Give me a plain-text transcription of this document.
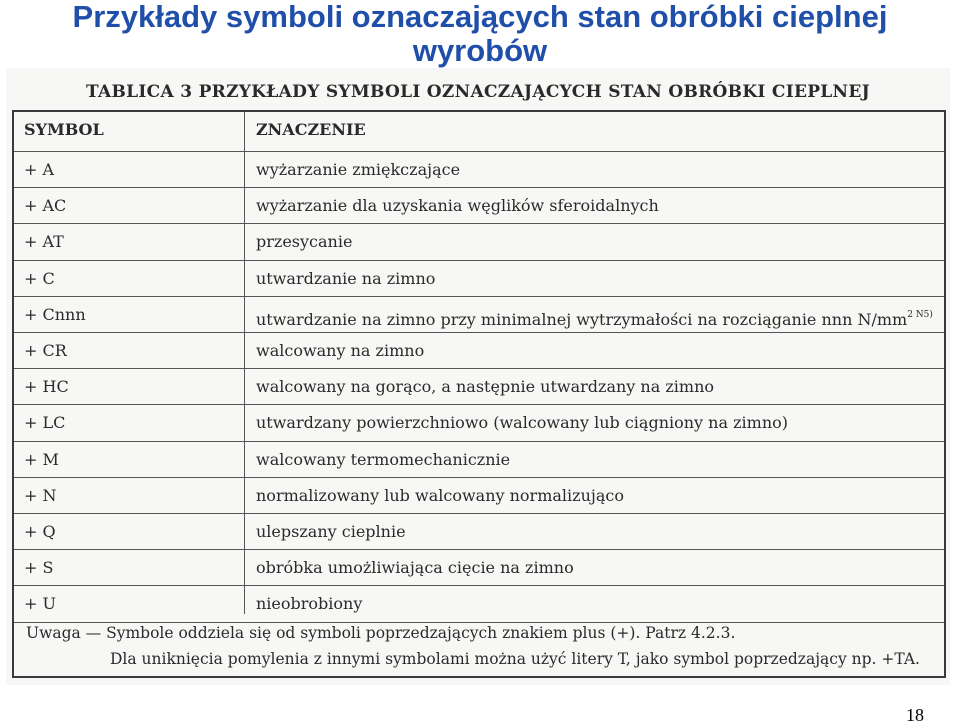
Przykłady symboli oznaczających stan obróbki cieplnej
wyrobów
TABLICA 3 PRZYKŁADY SYMBOLI OZNACZAJĄCYCH STAN OBRÓBKI CIEPLNEJ
SYMBOL	ZNACZENIE
+ A	wyżarzanie zmiękczające
+ AC	wyżarzanie dla uzyskania węglików sferoidalnych
+ AT	przesycanie
+ C	utwardzanie na zimno
+ Cnnn	utwardzanie na zimno przy minimalnej wytrzymałości na rozciąganie nnn $N/mm^{2 N5)}$
+ CR	walcowany na zimno
+ HC	walcowany na gorąco, a następnie utwardzany na zimno
+ LC	utwardzany powierzchniowo (walcowany lub ciągniony na zimno)
+ M	walcowany termomechanicznie
+ N	normalizowany lub walcowany normalizująco
+ Q	ulepszany cieplnie
+ S	obróbka umożliwiająca cięcie na zimno
+ U	nieobrobiony
Uwaga — Symbole oddziela się od symboli poprzedzających znakiem plus (+). Patrz 4.2.3.
Dla uniknięcia pomylenia z innymi symbolami można użyć litery T, jako symbol poprzedzający np. +TA.
18
